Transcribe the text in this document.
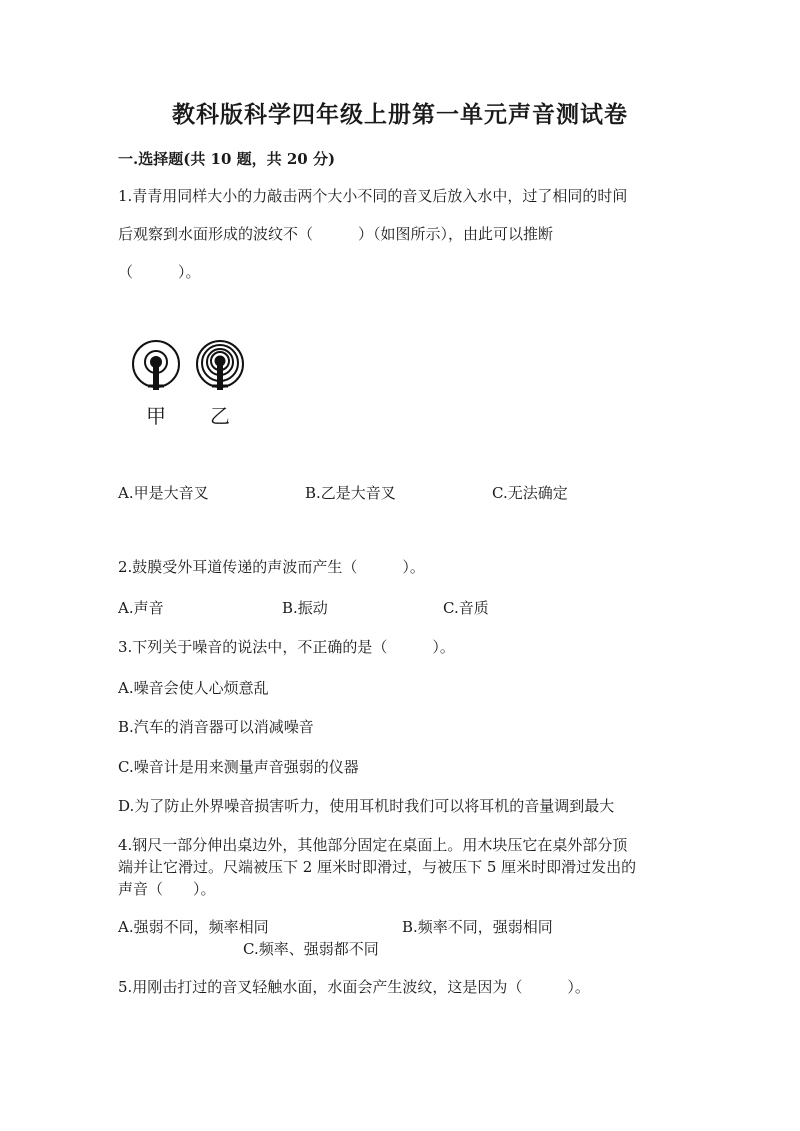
教科版科学四年级上册第一单元声音测试卷
一.选择题(共 10 题，共 20 分)
1.青青用同样大小的力敲击两个大小不同的音叉后放入水中，过了相同的时间
后观察到水面形成的波纹不（　　　）（如图所示），由此可以推断
（　　　）。
甲 乙
A.甲是大音叉	B.乙是大音叉	C.无法确定
2.鼓膜受外耳道传递的声波而产生（　　　）。
A.声音	B.振动	C.音质
3.下列关于噪音的说法中，不正确的是（　　　）。
A.噪音会使人心烦意乱
B.汽车的消音器可以消减噪音
C.噪音计是用来测量声音强弱的仪器
D.为了防止外界噪音损害听力，使用耳机时我们可以将耳机的音量调到最大
4.钢尺一部分伸出桌边外，其他部分固定在桌面上。用木块压它在桌外部分顶
端并让它滑过。尺端被压下 2 厘米时即滑过，与被压下 5 厘米时即滑过发出的
声音（　　）。
A.强弱不同，频率相同	B.频率不同，强弱相同
C.频率、强弱都不同
5.用刚击打过的音叉轻触水面，水面会产生波纹，这是因为（　　　）。
